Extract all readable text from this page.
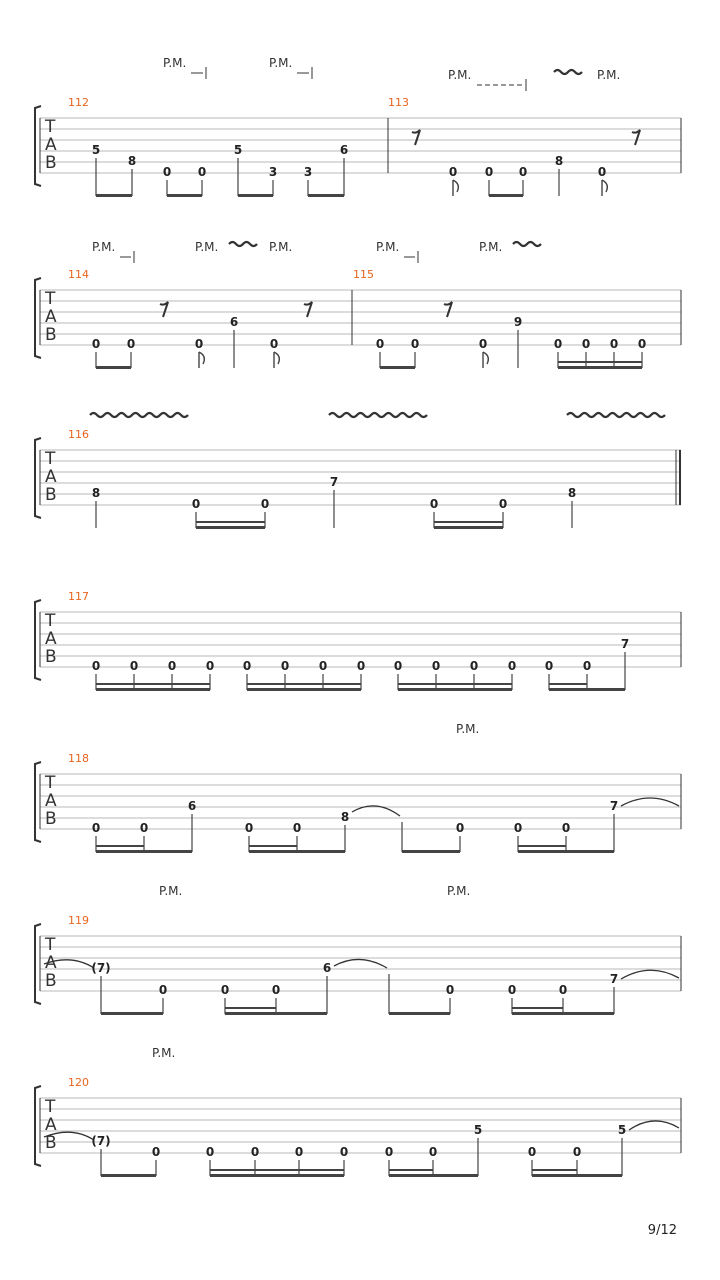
P.M.	P.M.
P.M.	P.M.
T
A
B
112	113
5
8
0 0
5
3 3
6
0 0 0
8
0
P.M.	P.M.	P.M.	P.M.	P.M.
T
A
B
114	115
0 0	0
6
0	0 0	0
9
0 0 0 0
T
A
B
116
8
0	0
7
0	0
8
T
A
B
117
0 0 0 0 0 0 0 0 0 0 0 0 0 0
7
P.M.
T
A
B
118
0	0
6
0	0
8
0	0	0
7
P.M.	P.M.
T
A
B
119
(7)
0	0	0
6
0	0	0
7
P.M.
T
A
B
120
(7)
0	0	0	0	0	0	0
5
0	0
5
9/12
